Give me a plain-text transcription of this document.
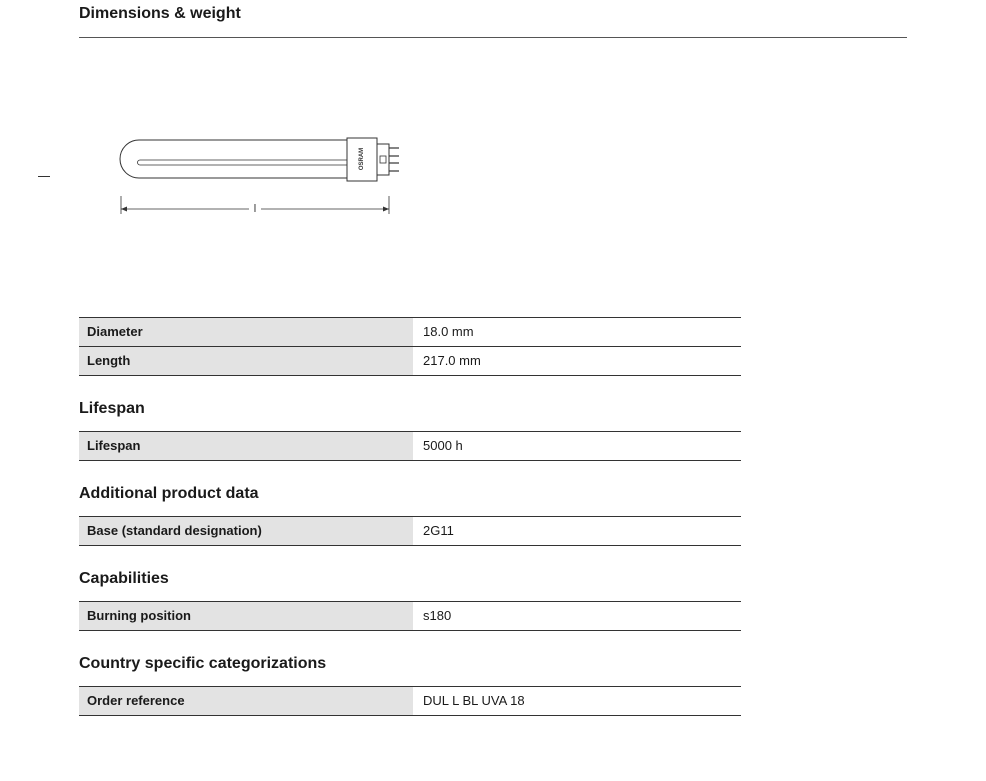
Dimensions & weight
OSRAM
l
Diameter	18.0 mm
Length	217.0 mm
Lifespan
Lifespan	5000 h
Additional product data
Base (standard designation)	2G11
Capabilities
Burning position	s180
Country specific categorizations
Order reference	DUL L BL UVA 18
